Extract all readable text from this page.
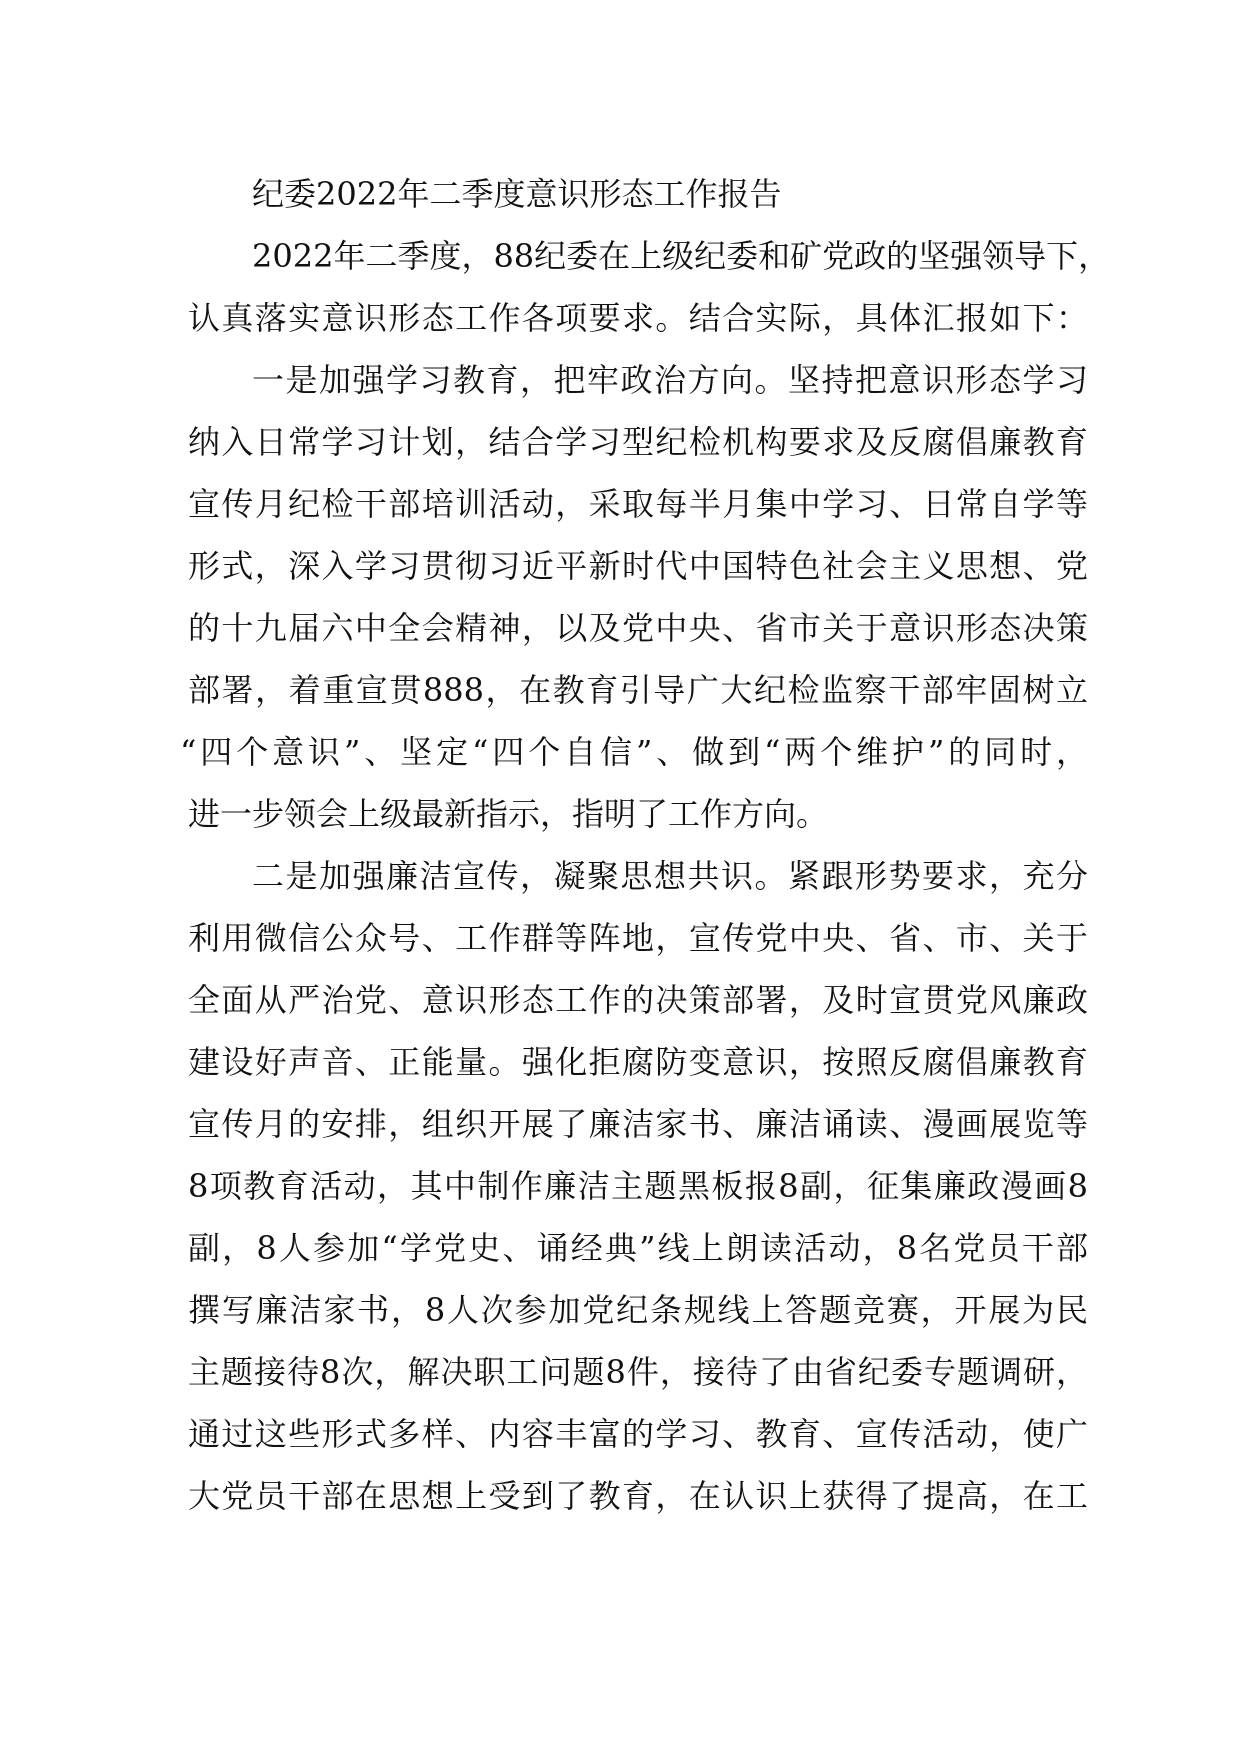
纪委2022年二季度意识形态工作报告
2022年二季度，88纪委在上级纪委和矿党政的坚强领导下，
认真落实意识形态工作各项要求。结合实际，具体汇报如下：
一是加强学习教育，把牢政治方向。坚持把意识形态学习
纳入日常学习计划，结合学习型纪检机构要求及反腐倡廉教育
宣传月纪检干部培训活动，采取每半月集中学习、日常自学等
形式，深入学习贯彻习近平新时代中国特色社会主义思想、党
的十九届六中全会精神，以及党中央、省市关于意识形态决策
部署，着重宣贯888，在教育引导广大纪检监察干部牢固树立
“四个意识”、坚定“四个自信”、做到“两个维护”的同时，
进一步领会上级最新指示，指明了工作方向。
二是加强廉洁宣传，凝聚思想共识。紧跟形势要求，充分
利用微信公众号、工作群等阵地，宣传党中央、省、市、关于
全面从严治党、意识形态工作的决策部署，及时宣贯党风廉政
建设好声音、正能量。强化拒腐防变意识，按照反腐倡廉教育
宣传月的安排，组织开展了廉洁家书、廉洁诵读、漫画展览等
8项教育活动，其中制作廉洁主题黑板报8副，征集廉政漫画8
副，8人参加“学党史、诵经典”线上朗读活动，8名党员干部
撰写廉洁家书，8人次参加党纪条规线上答题竞赛，开展为民
主题接待8次，解决职工问题8件，接待了由省纪委专题调研，
通过这些形式多样、内容丰富的学习、教育、宣传活动，使广
大党员干部在思想上受到了教育，在认识上获得了提高，在工
